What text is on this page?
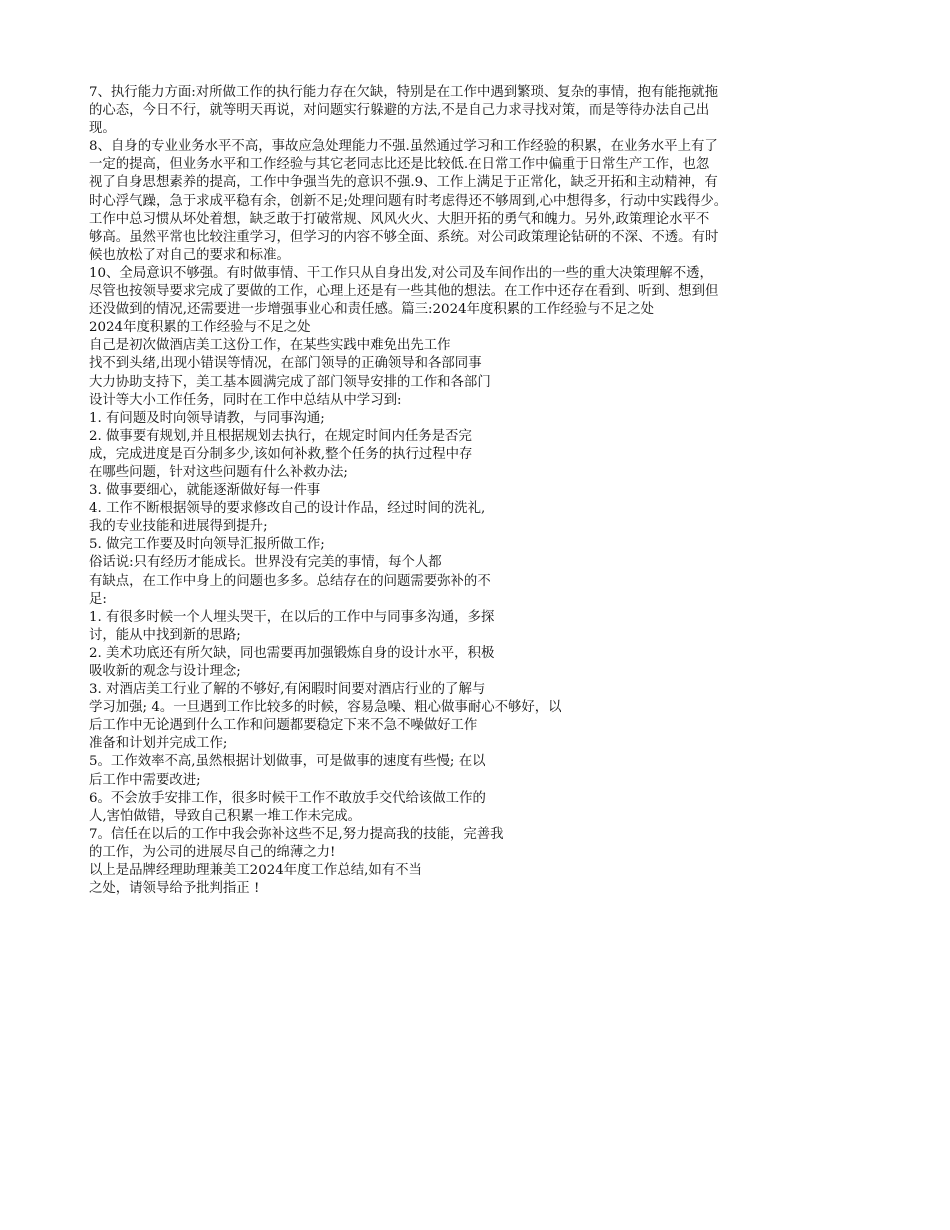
7、执行能力方面:对所做工作的执行能力存在欠缺，特别是在工作中遇到繁琐、复杂的事情，抱有能拖就拖
的心态，今日不行，就等明天再说，对问题实行躲避的方法,不是自己力求寻找对策，而是等待办法自己出
现。
8、自身的专业业务水平不高，事故应急处理能力不强.虽然通过学习和工作经验的积累，在业务水平上有了
一定的提高，但业务水平和工作经验与其它老同志比还是比较低.在日常工作中偏重于日常生产工作，也忽
视了自身思想素养的提高，工作中争强当先的意识不强.9、工作上满足于正常化，缺乏开拓和主动精神，有
时心浮气躁，急于求成平稳有余，创新不足;处理问题有时考虑得还不够周到,心中想得多，行动中实践得少。
工作中总习惯从坏处着想，缺乏敢于打破常规、风风火火、大胆开拓的勇气和魄力。另外,政策理论水平不
够高。虽然平常也比较注重学习，但学习的内容不够全面、系统。对公司政策理论钻研的不深、不透。有时
候也放松了对自己的要求和标准。
10、全局意识不够强。有时做事情、干工作只从自身出发,对公司及车间作出的一些的重大决策理解不透，
尽管也按领导要求完成了要做的工作，心理上还是有一些其他的想法。在工作中还存在看到、听到、想到但
还没做到的情况,还需要进一步增强事业心和责任感。篇三:2024年度积累的工作经验与不足之处
2024年度积累的工作经验与不足之处
自己是初次做酒店美工这份工作，在某些实践中难免出先工作
找不到头绪,出现小错误等情况，在部门领导的正确领导和各部同事
大力协助支持下，美工基本圆满完成了部门领导安排的工作和各部门
设计等大小工作任务，同时在工作中总结从中学习到:
1. 有问题及时向领导请教，与同事沟通;
2. 做事要有规划,并且根据规划去执行，在规定时间内任务是否完
成，完成进度是百分制多少,该如何补救,整个任务的执行过程中存
在哪些问题，针对这些问题有什么补救办法;
3. 做事要细心，就能逐渐做好每一件事
4. 工作不断根据领导的要求修改自己的设计作品，经过时间的洗礼,
我的专业技能和进展得到提升;
5. 做完工作要及时向领导汇报所做工作;
俗话说:只有经历才能成长。世界没有完美的事情，每个人都
有缺点，在工作中身上的问题也多多。总结存在的问题需要弥补的不
足:
1. 有很多时候一个人埋头哭干，在以后的工作中与同事多沟通，多探
讨，能从中找到新的思路;
2. 美术功底还有所欠缺，同也需要再加强锻炼自身的设计水平，积极
吸收新的观念与设计理念;
3. 对酒店美工行业了解的不够好,有闲暇时间要对酒店行业的了解与
学习加强; 4。一旦遇到工作比较多的时候，容易急噪、粗心做事耐心不够好，以
后工作中无论遇到什么工作和问题都要稳定下来不急不噪做好工作
准备和计划并完成工作;
5。工作效率不高,虽然根据计划做事，可是做事的速度有些慢; 在以
后工作中需要改进;
6。不会放手安排工作，很多时候干工作不敢放手交代给该做工作的
人,害怕做错，导致自己积累一堆工作未完成。
7。信任在以后的工作中我会弥补这些不足,努力提高我的技能，完善我
的工作，为公司的进展尽自己的绵薄之力!
以上是品牌经理助理兼美工2024年度工作总结,如有不当
之处，请领导给予批判指正 !
